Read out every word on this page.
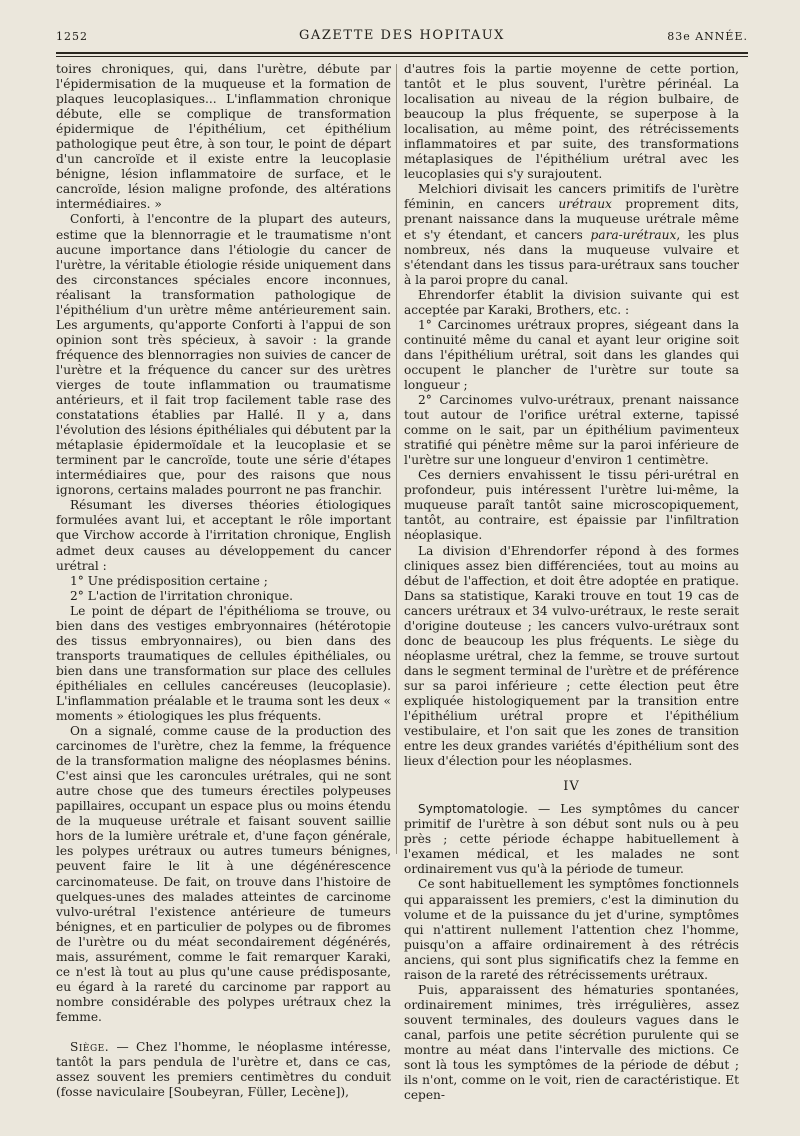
1252	GAZETTE DES HOPITAUX	83e ANNÉE.

toires chroniques, qui, dans l'urètre, débute par l'épidermisation de la muqueuse et la formation de plaques leucoplasiques... L'inflammation chronique débute, elle se complique de transformation épidermique de l'épithélium, cet épithélium pathologique peut être, à son tour, le point de départ d'un cancroïde et il existe entre la leucoplasie bénigne, lésion inflammatoire de surface, et le cancroïde, lésion maligne profonde, des altérations intermédiaires. »

Conforti, à l'encontre de la plupart des auteurs, estime que la blennorragie et le traumatisme n'ont aucune importance dans l'étiologie du cancer de l'urètre, la véritable étiologie réside uniquement dans des circonstances spéciales encore inconnues, réalisant la transformation pathologique de l'épithélium d'un urètre même antérieurement sain. Les arguments, qu'apporte Conforti à l'appui de son opinion sont très spécieux, à savoir : la grande fréquence des blennorragies non suivies de cancer de l'urètre et la fréquence du cancer sur des urètres vierges de toute inflammation ou traumatisme antérieurs, et il fait trop facilement table rase des constatations établies par Hallé. Il y a, dans l'évolution des lésions épithéliales qui débutent par la métaplasie épidermoïdale et la leucoplasie et se terminent par le cancroïde, toute une série d'étapes intermédiaires que, pour des raisons que nous ignorons, certains malades pourront ne pas franchir.

Résumant les diverses théories étiologiques formulées avant lui, et acceptant le rôle important que Virchow accorde à l'irritation chronique, English admet deux causes au développement du cancer urétral :

1° Une prédisposition certaine ;

2° L'action de l'irritation chronique.

Le point de départ de l'épithélioma se trouve, ou bien dans des vestiges embryonnaires (hétérotopie des tissus embryonnaires), ou bien dans des transports traumatiques de cellules épithéliales, ou bien dans une transformation sur place des cellules épithéliales en cellules cancéreuses (leucoplasie). L'inflammation préalable et le trauma sont les deux « moments » étiologiques les plus fréquents.

On a signalé, comme cause de la production des carcinomes de l'urètre, chez la femme, la fréquence de la transformation maligne des néoplasmes bénins. C'est ainsi que les caroncules urétrales, qui ne sont autre chose que des tumeurs érectiles polypeuses papillaires, occupant un espace plus ou moins étendu de la muqueuse urétrale et faisant souvent saillie hors de la lumière urétrale et, d'une façon générale, les polypes urétraux ou autres tumeurs bénignes, peuvent faire le lit à une dégénérescence carcinomateuse. De fait, on trouve dans l'histoire de quelques-unes des malades atteintes de carcinome vulvo-urétral l'existence antérieure de tumeurs bénignes, et en particulier de polypes ou de fibromes de l'urètre ou du méat secondairement dégénérés, mais, assurément, comme le fait remarquer Karaki, ce n'est là tout au plus qu'une cause prédisposante, eu égard à la rareté du carcinome par rapport au nombre considérable des polypes urétraux chez la femme.

Siège. — Chez l'homme, le néoplasme intéresse, tantôt la pars pendula de l'urètre et, dans ce cas, assez souvent les premiers centimètres du conduit (fosse naviculaire [Soubeyran, Füller, Lecène]),

d'autres fois la partie moyenne de cette portion, tantôt et le plus souvent, l'urètre périnéal. La localisation au niveau de la région bulbaire, de beaucoup la plus fréquente, se superpose à la localisation, au même point, des rétrécissements inflammatoires et par suite, des transformations métaplasiques de l'épithélium urétral avec les leucoplasies qui s'y surajoutent.

Melchiori divisait les cancers primitifs de l'urètre féminin, en cancers urétraux proprement dits, prenant naissance dans la muqueuse urétrale même et s'y étendant, et cancers para-urétraux, les plus nombreux, nés dans la muqueuse vulvaire et s'étendant dans les tissus para-urétraux sans toucher à la paroi propre du canal.

Ehrendorfer établit la division suivante qui est acceptée par Karaki, Brothers, etc. :

1° Carcinomes urétraux propres, siégeant dans la continuité même du canal et ayant leur origine soit dans l'épithélium urétral, soit dans les glandes qui occupent le plancher de l'urètre sur toute sa longueur ;

2° Carcinomes vulvo-urétraux, prenant naissance tout autour de l'orifice urétral externe, tapissé comme on le sait, par un épithélium pavimenteux stratifié qui pénètre même sur la paroi inférieure de l'urètre sur une longueur d'environ 1 centimètre.

Ces derniers envahissent le tissu péri-urétral en profondeur, puis intéressent l'urètre lui-même, la muqueuse paraît tantôt saine microscopiquement, tantôt, au contraire, est épaissie par l'infiltration néoplasique.

La division d'Ehrendorfer répond à des formes cliniques assez bien différenciées, tout au moins au début de l'affection, et doit être adoptée en pratique. Dans sa statistique, Karaki trouve en tout 19 cas de cancers urétraux et 34 vulvo-urétraux, le reste serait d'origine douteuse ; les cancers vulvo-urétraux sont donc de beaucoup les plus fréquents. Le siège du néoplasme urétral, chez la femme, se trouve surtout dans le segment terminal de l'urètre et de préférence sur sa paroi inférieure ; cette élection peut être expliquée histologiquement par la transition entre l'épithélium urétral propre et l'épithélium vestibulaire, et l'on sait que les zones de transition entre les deux grandes variétés d'épithélium sont des lieux d'élection pour les néoplasmes.

IV

Symptomatologie. — Les symptômes du cancer primitif de l'urètre à son début sont nuls ou à peu près ; cette période échappe habituellement à l'examen médical, et les malades ne sont ordinairement vus qu'à la période de tumeur.

Ce sont habituellement les symptômes fonctionnels qui apparaissent les premiers, c'est la diminution du volume et de la puissance du jet d'urine, symptômes qui n'attirent nullement l'attention chez l'homme, puisqu'on a affaire ordinairement à des rétrécis anciens, qui sont plus significatifs chez la femme en raison de la rareté des rétrécissements urétraux.

Puis, apparaissent des hématuries spontanées, ordinairement minimes, très irrégulières, assez souvent terminales, des douleurs vagues dans le canal, parfois une petite sécrétion purulente qui se montre au méat dans l'intervalle des mictions. Ce sont là tous les symptômes de la période de début ; ils n'ont, comme on le voit, rien de caractéristique. Et cepen-
